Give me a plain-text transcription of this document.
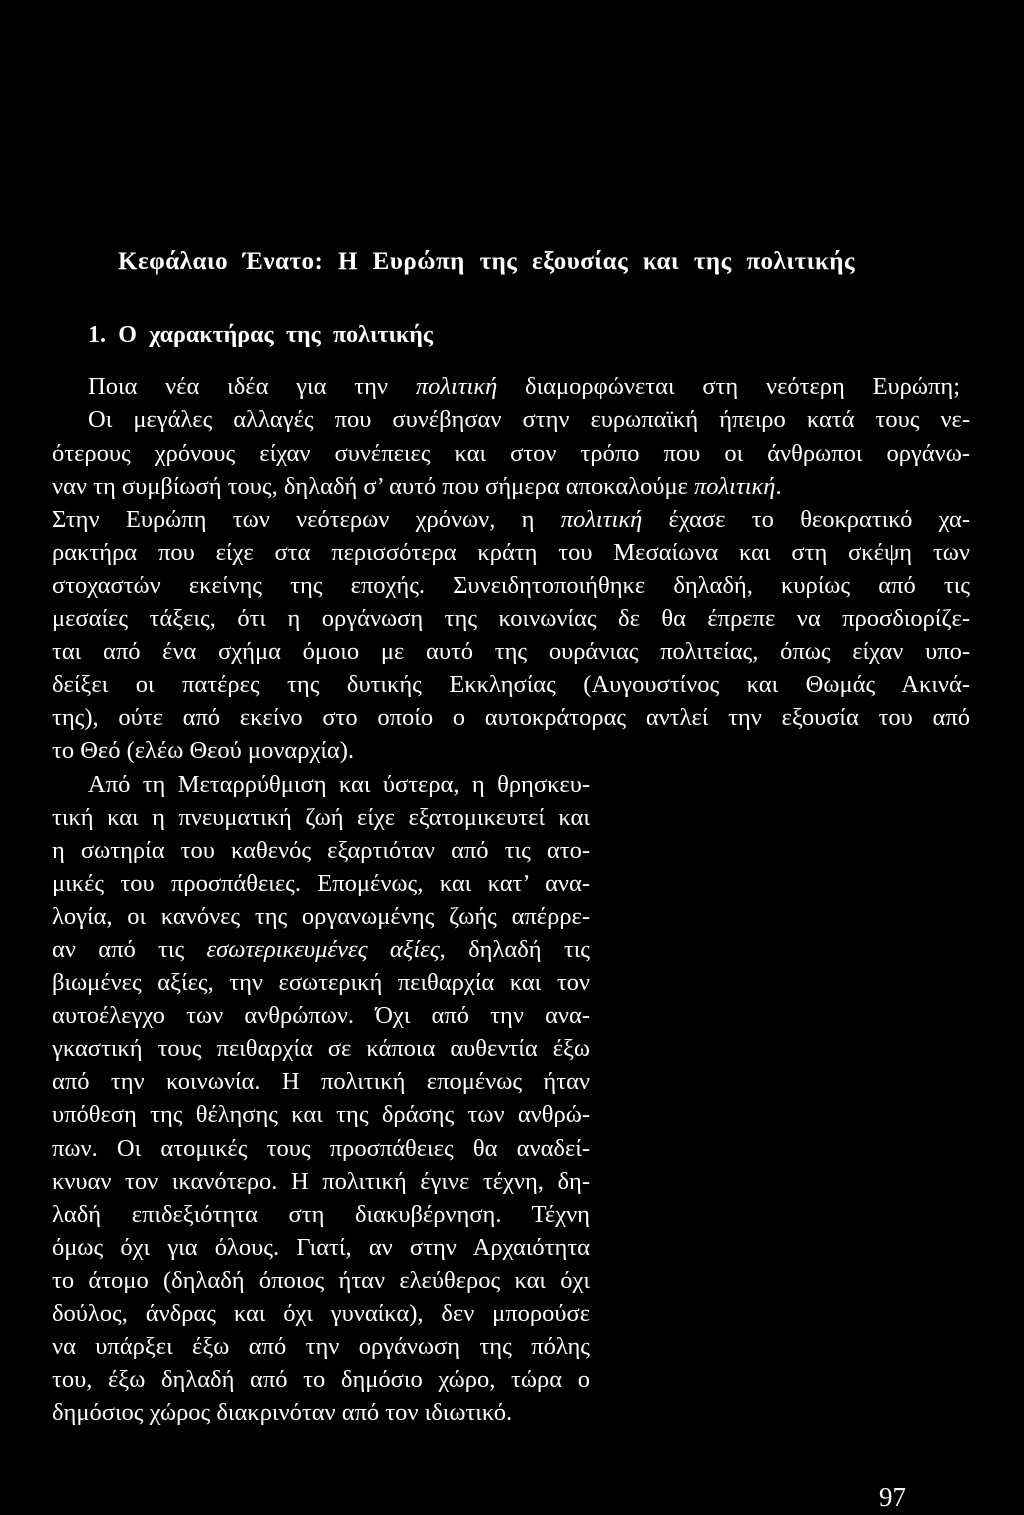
Κεφάλαιο Ένατο: Η Ευρώπη της εξουσίας και της πολιτικής
1. Ο χαρακτήρας της πολιτικής
Ποια νέα ιδέα για την πολιτική διαμορφώνεται στη νεότερη Ευρώπη;
Οι μεγάλες αλλαγές που συνέβησαν στην ευρωπαϊκή ήπειρο κατά τους νε-
ότερους χρόνους είχαν συνέπειες και στον τρόπο που οι άνθρωποι οργάνω-
ναν τη συμβίωσή τους, δηλαδή σ’ αυτό που σήμερα αποκαλούμε πολιτική.
Στην Ευρώπη των νεότερων χρόνων, η πολιτική έχασε το θεοκρατικό χα-
ρακτήρα που είχε στα περισσότερα κράτη του Μεσαίωνα και στη σκέψη των
στοχαστών εκείνης της εποχής. Συνειδητοποιήθηκε δηλαδή, κυρίως από τις
μεσαίες τάξεις, ότι η οργάνωση της κοινωνίας δε θα έπρεπε να προσδιορίζε-
ται από ένα σχήμα όμοιο με αυτό της ουράνιας πολιτείας, όπως είχαν υπο-
δείξει οι πατέρες της δυτικής Εκκλησίας (Αυγουστίνος και Θωμάς Ακινά-
της), ούτε από εκείνο στο οποίο ο αυτοκράτορας αντλεί την εξουσία του από
το Θεό (ελέω Θεού μοναρχία).
Από τη Μεταρρύθμιση και ύστερα, η θρησκευ-
τική και η πνευματική ζωή είχε εξατομικευτεί και
η σωτηρία του καθενός εξαρτιόταν από τις ατο-
μικές του προσπάθειες. Επομένως, και κατ’ ανα-
λογία, οι κανόνες της οργανωμένης ζωής απέρρε-
αν από τις εσωτερικευμένες αξίες, δηλαδή τις
βιωμένες αξίες, την εσωτερική πειθαρχία και τον
αυτοέλεγχο των ανθρώπων. Όχι από την ανα-
γκαστική τους πειθαρχία σε κάποια αυθεντία έξω
από την κοινωνία. Η πολιτική επομένως ήταν
υπόθεση της θέλησης και της δράσης των ανθρώ-
πων. Οι ατομικές τους προσπάθειες θα αναδεί-
κνυαν τον ικανότερο. Η πολιτική έγινε τέχνη, δη-
λαδή επιδεξιότητα στη διακυβέρνηση. Τέχνη
όμως όχι για όλους. Γιατί, αν στην Αρχαιότητα
το άτομο (δηλαδή όποιος ήταν ελεύθερος και όχι
δούλος, άνδρας και όχι γυναίκα), δεν μπορούσε
να υπάρξει έξω από την οργάνωση της πόλης
του, έξω δηλαδή από το δημόσιο χώρο, τώρα ο
δημόσιος χώρος διακρινόταν από τον ιδιωτικό.
97
